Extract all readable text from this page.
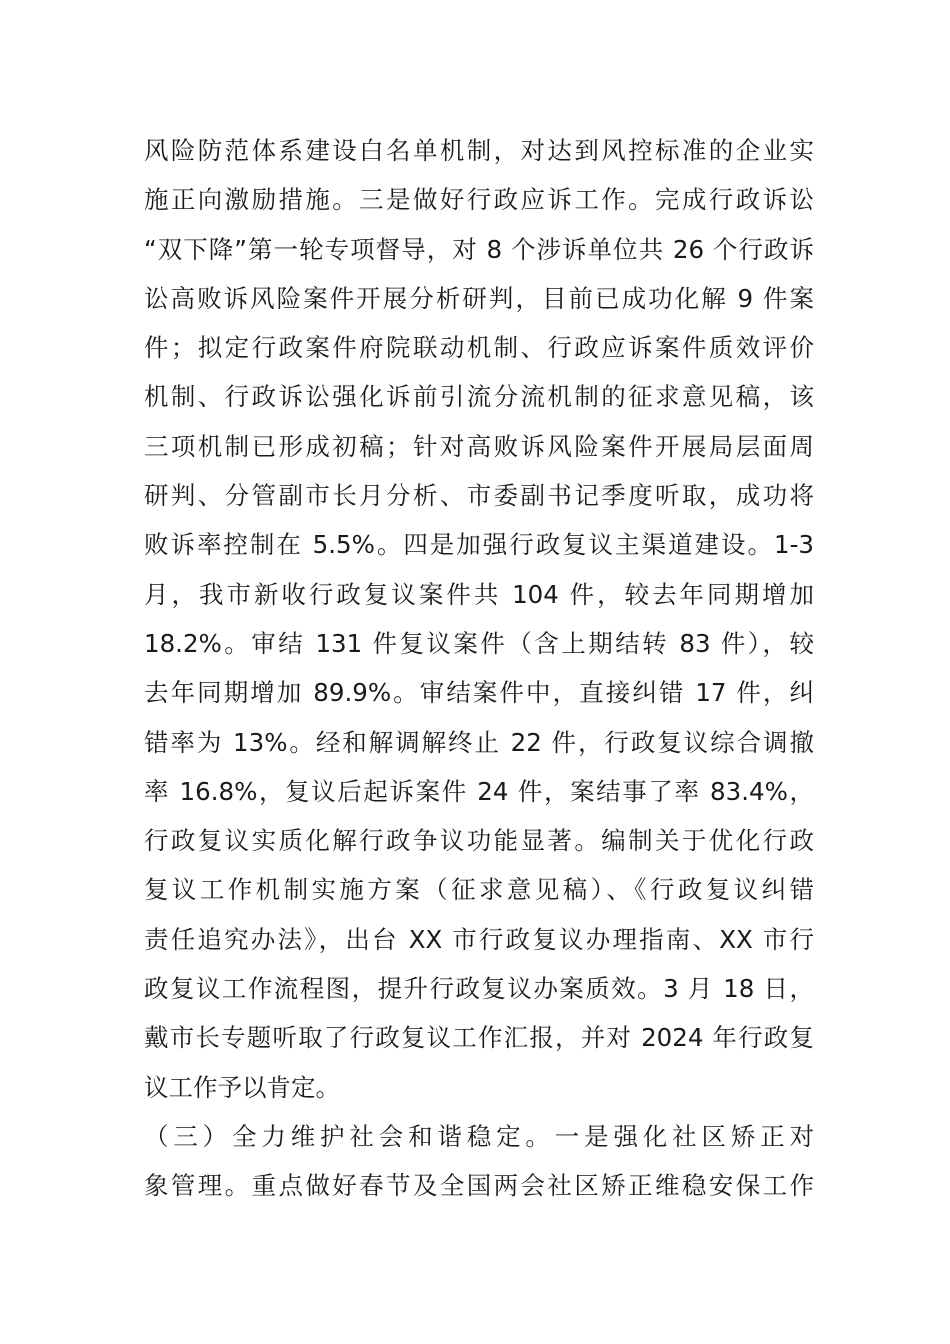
风险防范体系建设白名单机制，对达到风控标准的企业实
施正向激励措施。三是做好行政应诉工作。完成行政诉讼
“双下降”第一轮专项督导，对 8 个涉诉单位共 26 个行政诉
讼高败诉风险案件开展分析研判，目前已成功化解 9 件案
件；拟定行政案件府院联动机制、行政应诉案件质效评价
机制、行政诉讼强化诉前引流分流机制的征求意见稿，该
三项机制已形成初稿；针对高败诉风险案件开展局层面周
研判、分管副市长月分析、市委副书记季度听取，成功将
败诉率控制在 5.5%。四是加强行政复议主渠道建设。1-3
月，我市新收行政复议案件共 104 件，较去年同期增加
18.2%。审结 131 件复议案件（含上期结转 83 件），较
去年同期增加 89.9%。审结案件中，直接纠错 17 件，纠
错率为 13%。经和解调解终止 22 件，行政复议综合调撤
率 16.8%，复议后起诉案件 24 件，案结事了率 83.4%，
行政复议实质化解行政争议功能显著。编制关于优化行政
复议工作机制实施方案（征求意见稿）、《行政复议纠错
责任追究办法》，出台 XX 市行政复议办理指南、XX 市行
政复议工作流程图，提升行政复议办案质效。3 月 18 日，
戴市长专题听取了行政复议工作汇报，并对 2024 年行政复
议工作予以肯定。
（三）全力维护社会和谐稳定。一是强化社区矫正对
象管理。重点做好春节及全国两会社区矫正维稳安保工作
